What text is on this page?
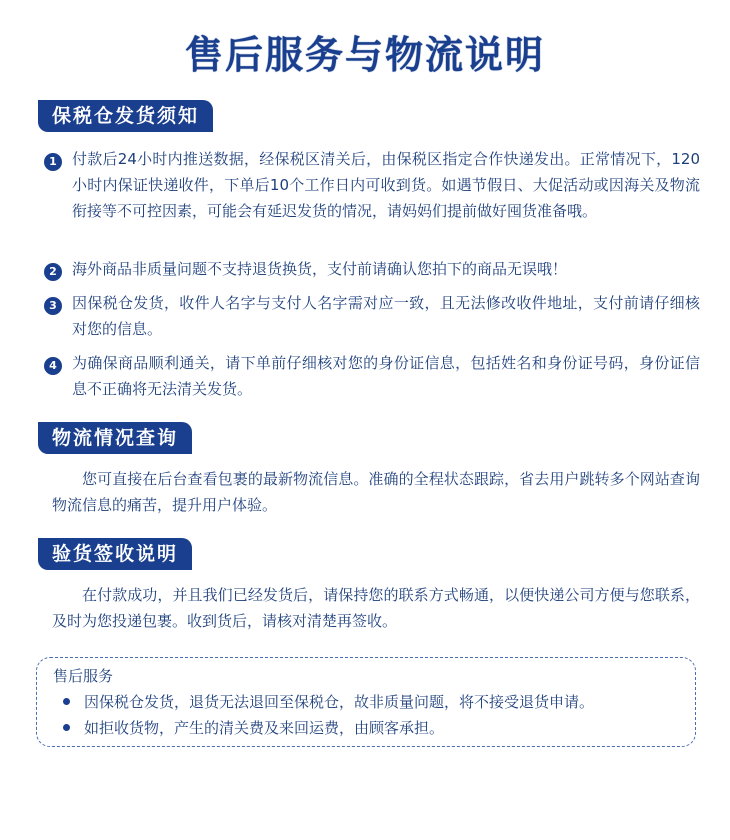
售后服务与物流说明
保税仓发货须知
1	付款后24小时内推送数据，经保税区清关后，由保税区指定合作快递发出。正常情况下，120小时内保证快递收件，下单后10个工作日内可收到货。如遇节假日、大促活动或因海关及物流衔接等不可控因素，可能会有延迟发货的情况，请妈妈们提前做好囤货准备哦。
2	海外商品非质量问题不支持退货换货，支付前请确认您拍下的商品无误哦！
3	因保税仓发货，收件人名字与支付人名字需对应一致，且无法修改收件地址，支付前请仔细核对您的信息。
4	为确保商品顺利通关，请下单前仔细核对您的身份证信息，包括姓名和身份证号码，身份证信息不正确将无法清关发货。
物流情况查询
您可直接在后台查看包裹的最新物流信息。准确的全程状态跟踪，省去用户跳转多个网站查询物流信息的痛苦，提升用户体验。
验货签收说明
在付款成功，并且我们已经发货后，请保持您的联系方式畅通，以便快递公司方便与您联系，及时为您投递包裹。收到货后，请核对清楚再签收。
售后服务
因保税仓发货，退货无法退回至保税仓，故非质量问题，将不接受退货申请。
如拒收货物，产生的清关费及来回运费，由顾客承担。
